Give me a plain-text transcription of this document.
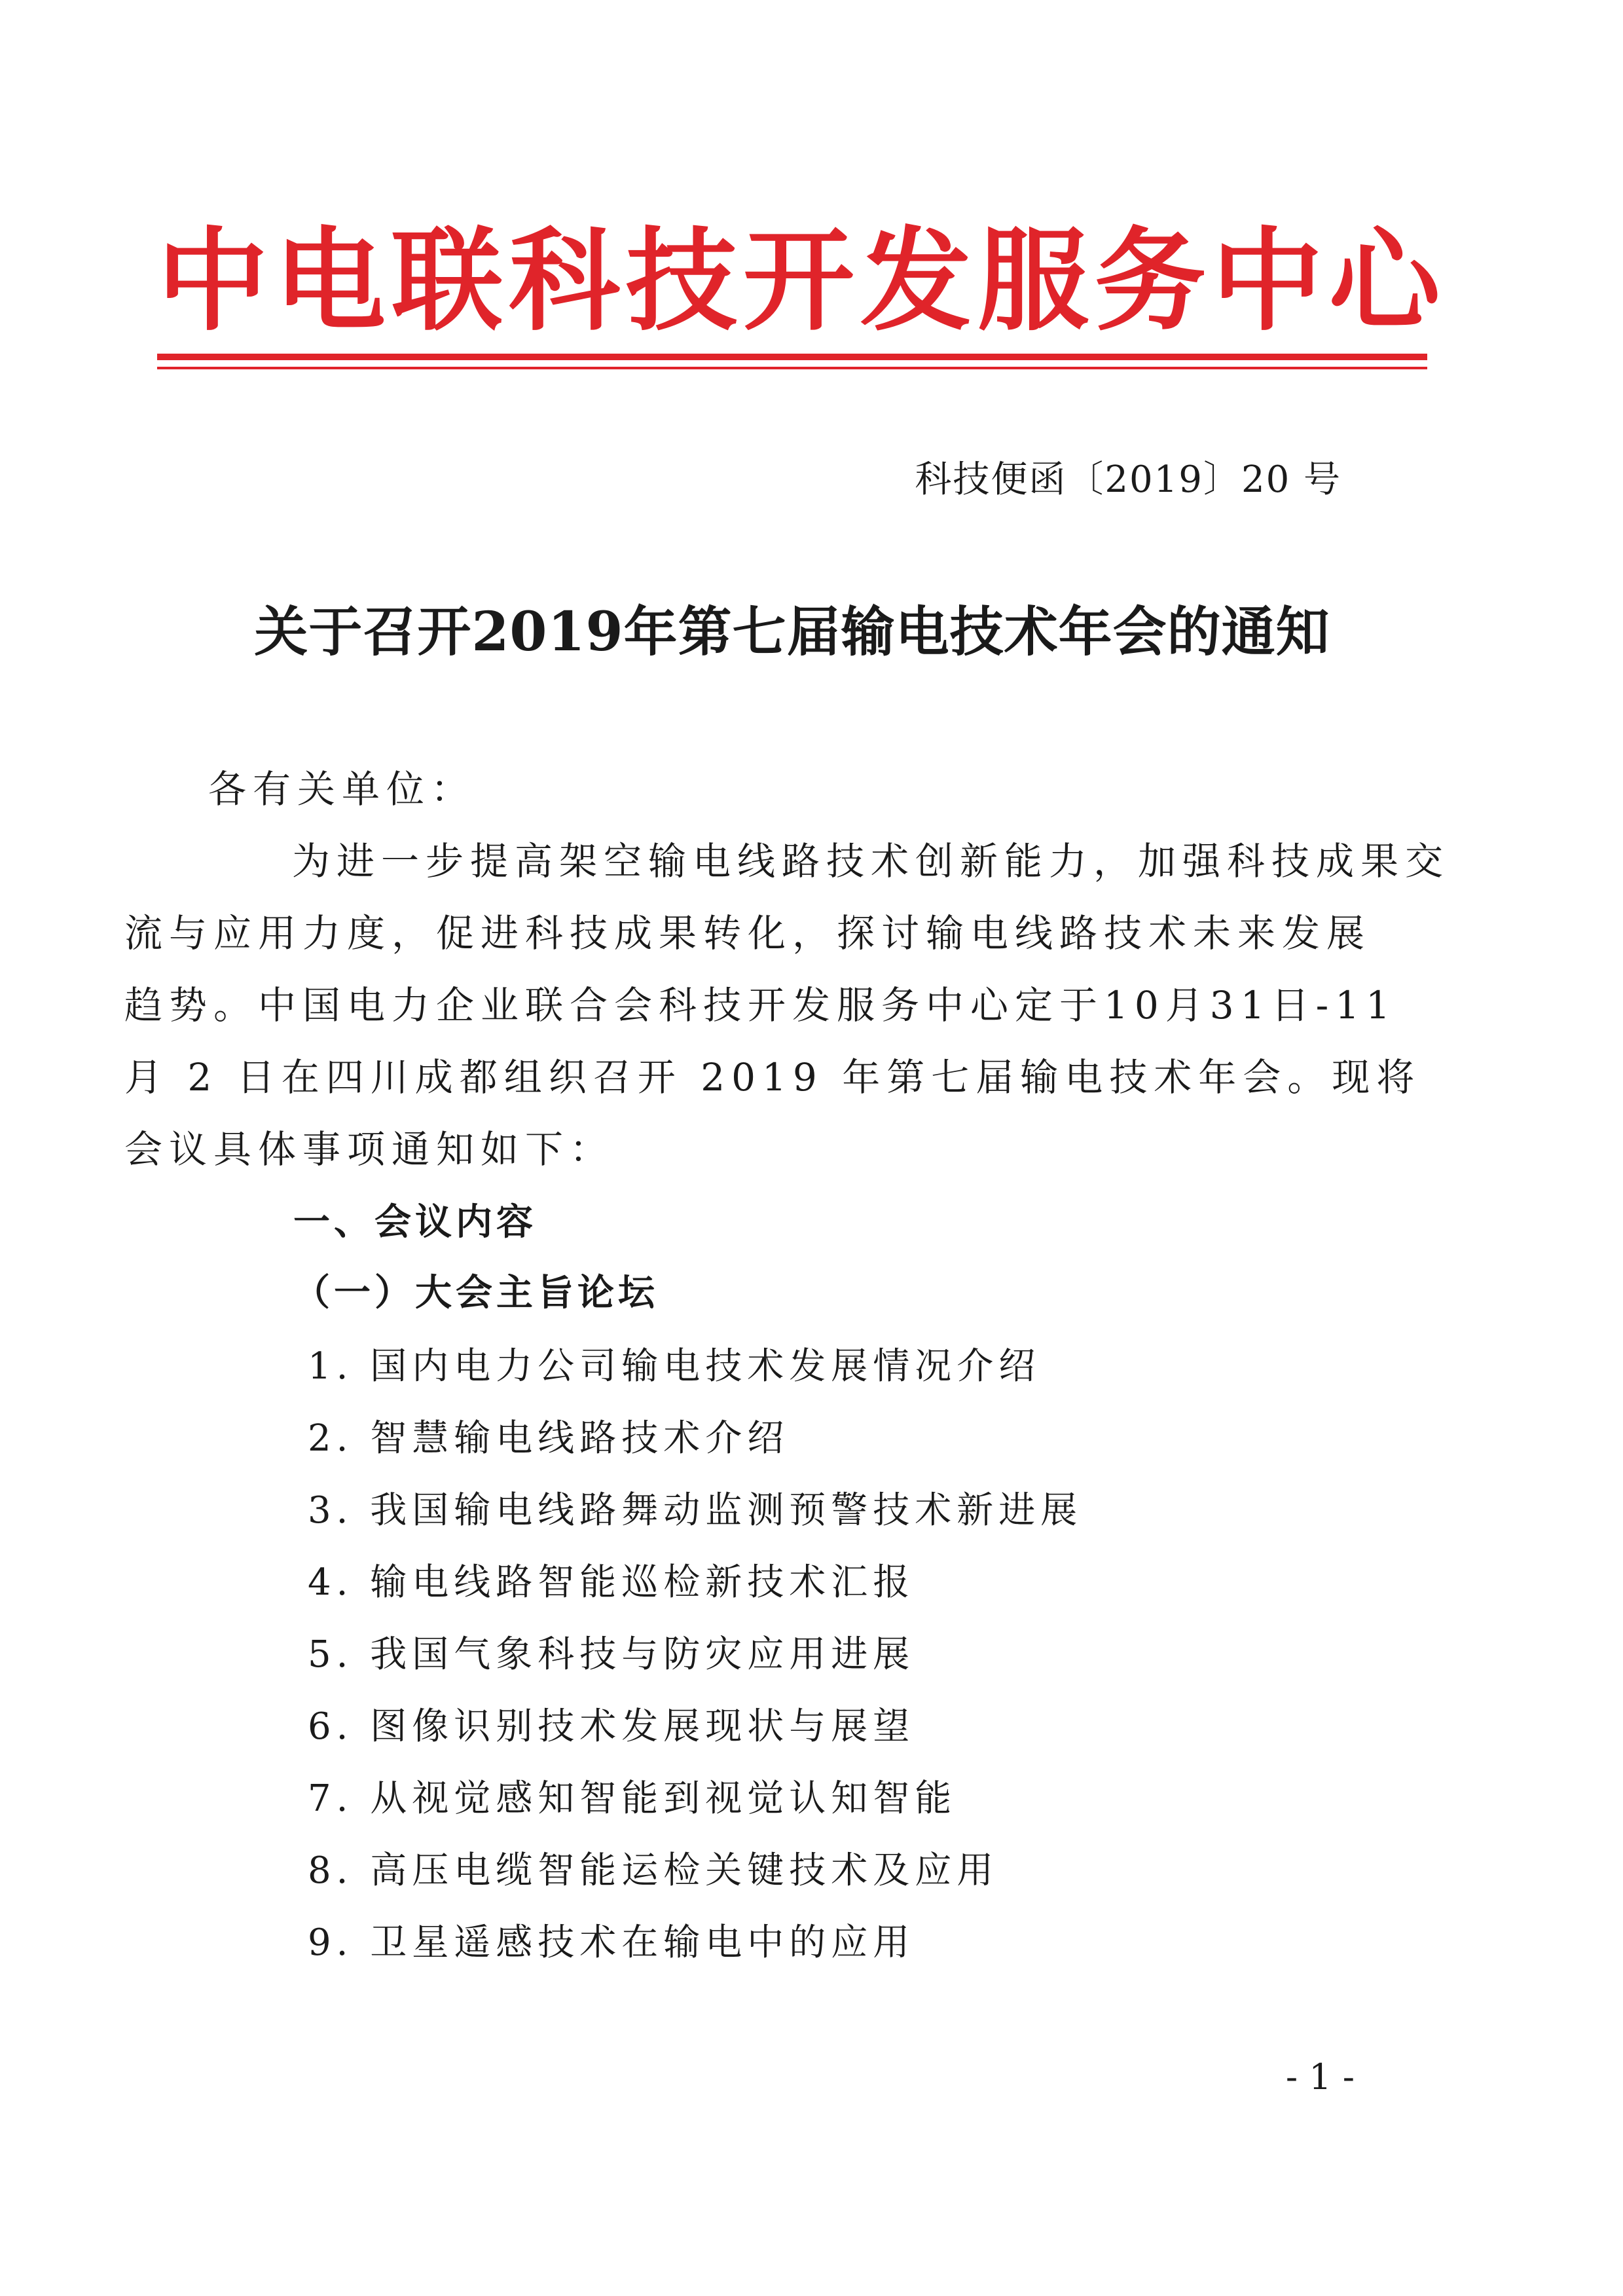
中 电 联 科 技 开 发 服 务 中 心
科技便函〔2019〕20 号
关于召开2019年第七届输电技术年会的通知
各有关单位：
为进一步提高架空输电线路技术创新能力，加强科技成果交
流与应用力度，促进科技成果转化，探讨输电线路技术未来发展
趋势。中国电力企业联合会科技开发服务中心定于10月31日-11
月 2 日在四川成都组织召开 2019 年第七届输电技术年会。现将
会议具体事项通知如下：
一、会议内容
（一）大会主旨论坛
1. 国内电力公司输电技术发展情况介绍
2. 智慧输电线路技术介绍
3. 我国输电线路舞动监测预警技术新进展
4. 输电线路智能巡检新技术汇报
5. 我国气象科技与防灾应用进展
6. 图像识别技术发展现状与展望
7. 从视觉感知智能到视觉认知智能
8. 高压电缆智能运检关键技术及应用
9. 卫星遥感技术在输电中的应用
- 1 -
